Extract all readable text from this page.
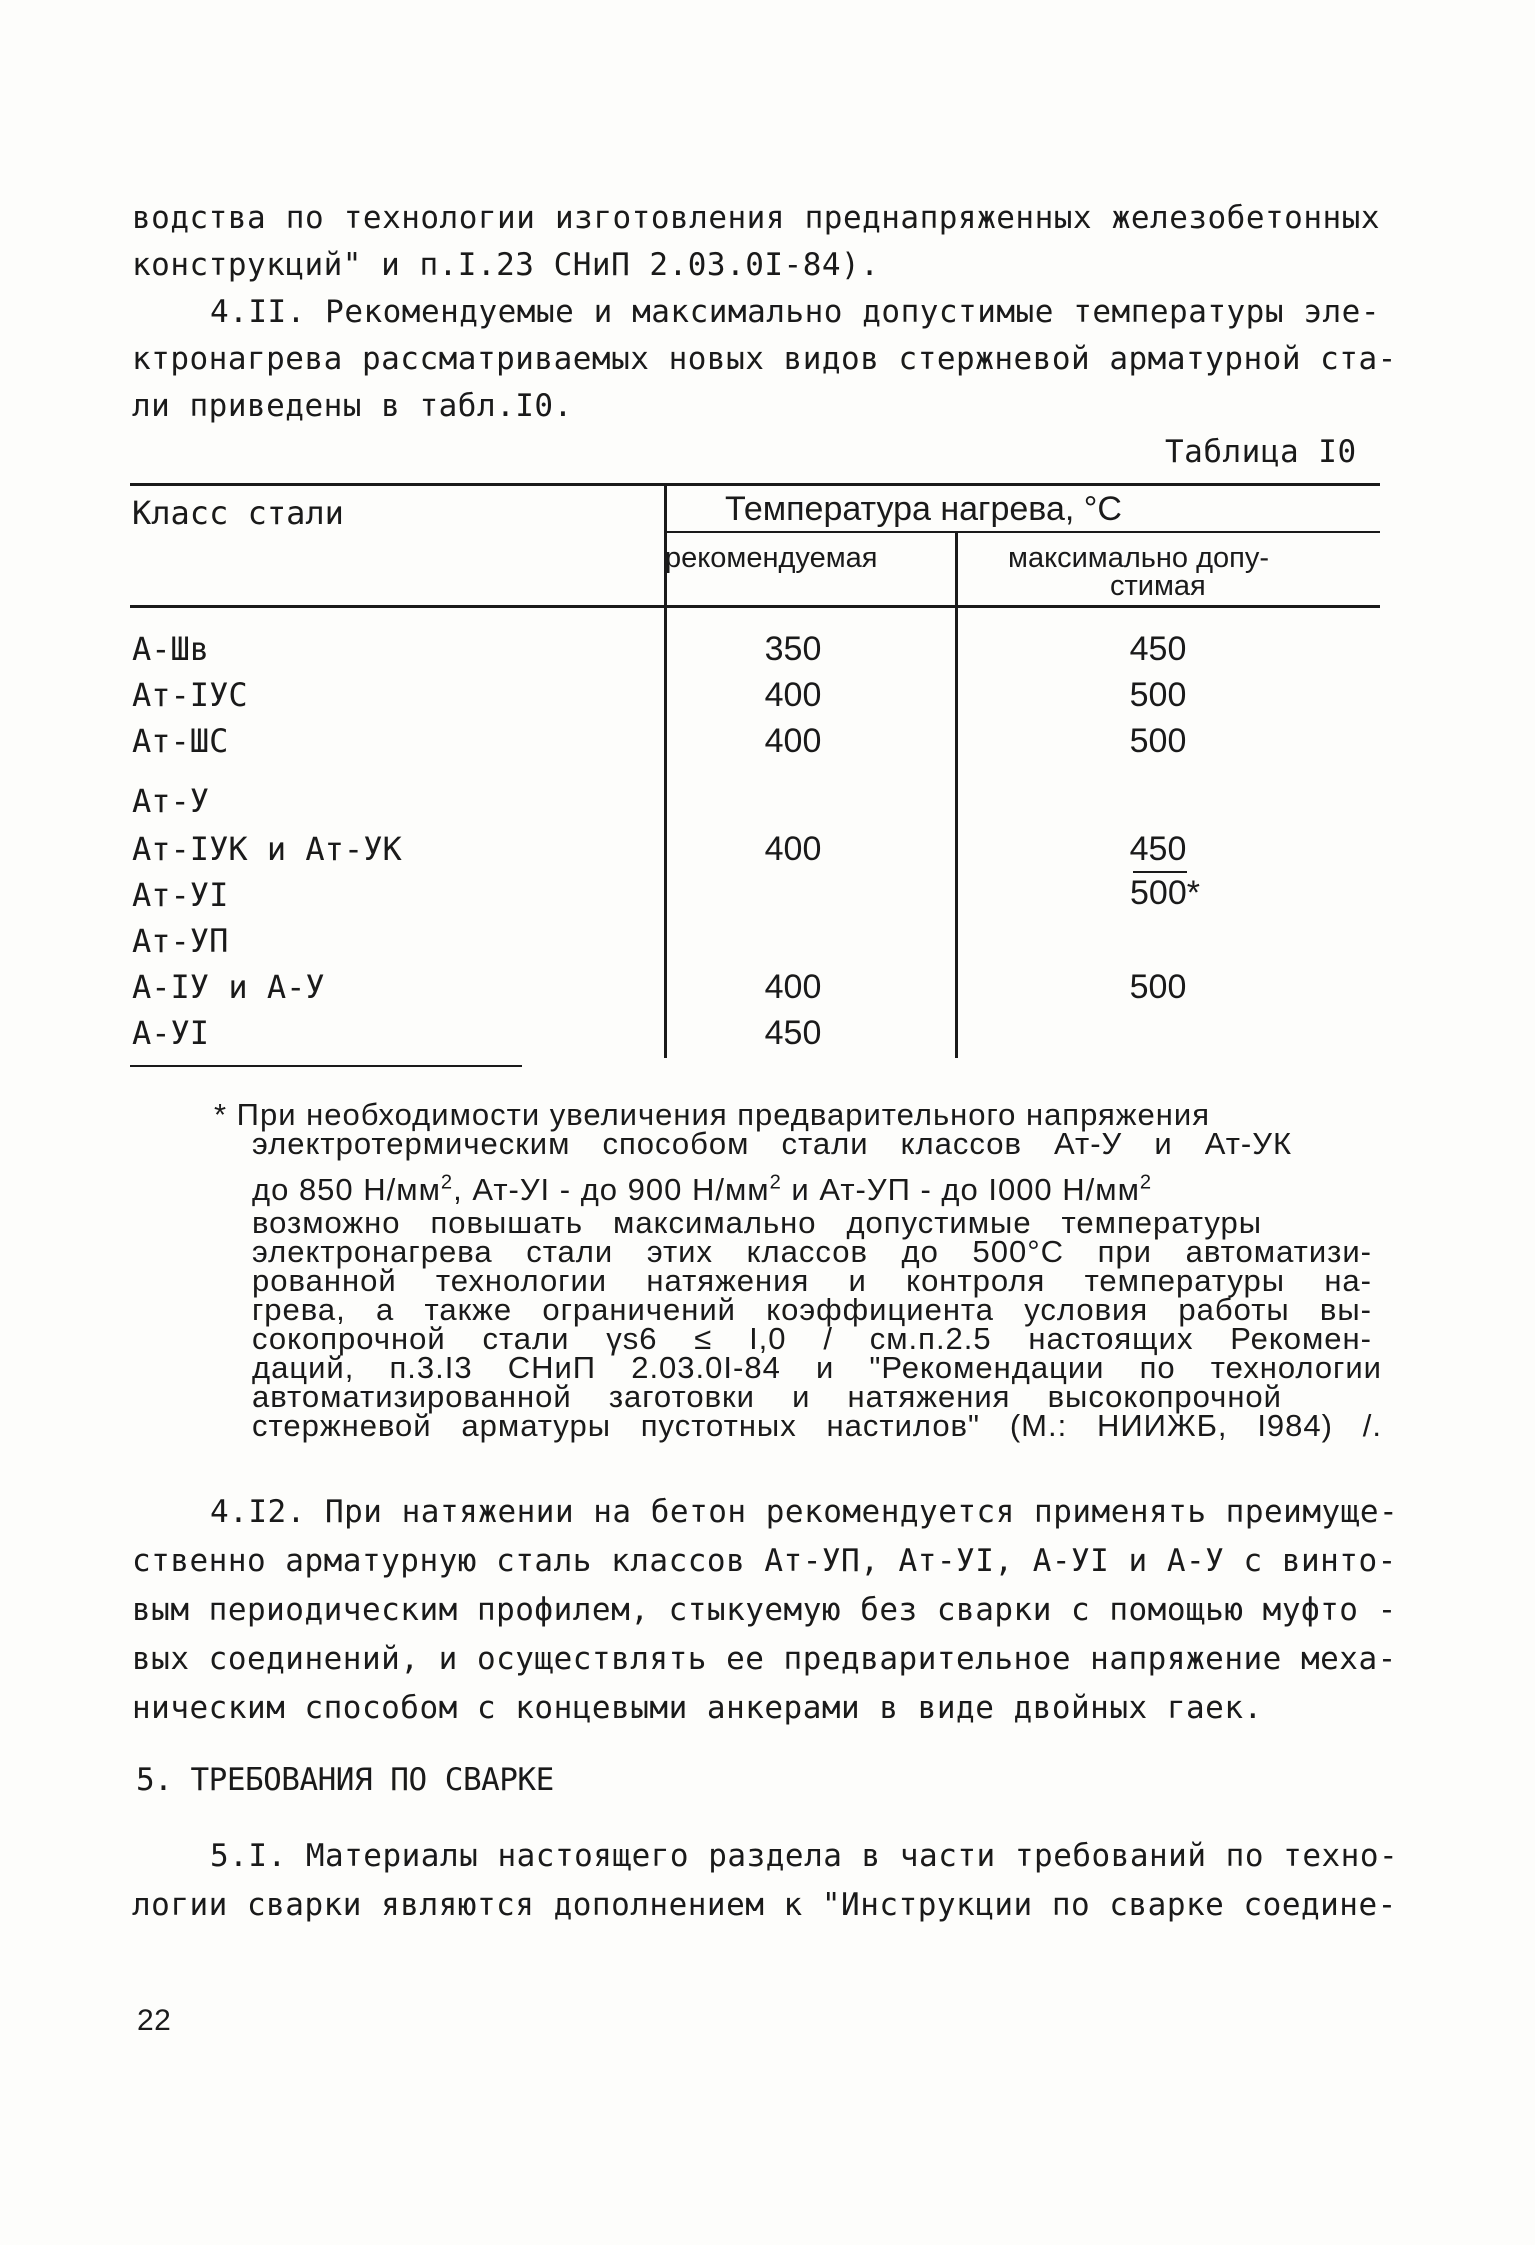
водства по технологии изготовления преднапряженных железобетонных
конструкций" и п.I.23 СНиП 2.03.0I-84).
4.II. Рекомендуемые и максимально допустимые температуры эле-
ктронагрева рассматриваемых новых видов стержневой арматурной ста-
ли приведены в табл.I0.
Таблица I0
Класс стали	Температура нагрева, °С
рекомендуемая	максимально допу-
стимая
А-Шв
Ат-IУС
Ат-ШС
Ат-У
Ат-IУК и Ат-УК
Ат-УI
Ат-УП
А-IУ и А-У
А-УI
350
400
400
400
400
450
450
500
500
450
500*
500
* При необходимости увеличения предварительного напряжения
электротермическим способом стали классов Ат-У и Ат-УК
до 850 $Н/мм^2$, Ат-УI - до 900 $Н/мм^2$ и Ат-УП - до I000 $Н/мм^2$
возможно повышать максимально допустимые температуры
электронагрева стали этих классов до 500°С при автоматизи-
рованной технологии натяжения и контроля температуры на-
грева, а также ограничений коэффициента условия работы вы-
сокопрочной стали γs6 ≤ I,0 / см.п.2.5 настоящих Рекомен-
даций, п.3.I3 СНиП 2.03.0I-84 и "Рекомендации по технологии
автоматизированной заготовки и натяжения высокопрочной
стержневой арматуры пустотных настилов" (М.: НИИЖБ, I984) /.
4.I2. При натяжении на бетон рекомендуется применять преимуще-
ственно арматурную сталь классов Ат-УП, Ат-УI, А-УI и А-У с винто-
вым периодическим профилем, стыкуемую без сварки с помощью муфто -
вых соединений, и осуществлять ее предварительное напряжение меха-
ническим способом с концевыми анкерами в виде двойных гаек.
5. ТРЕБОВАНИЯ ПО СВАРКЕ
5.I. Материалы настоящего раздела в части требований по техно-
логии сварки являются дополнением к "Инструкции по сварке соедине-
22
